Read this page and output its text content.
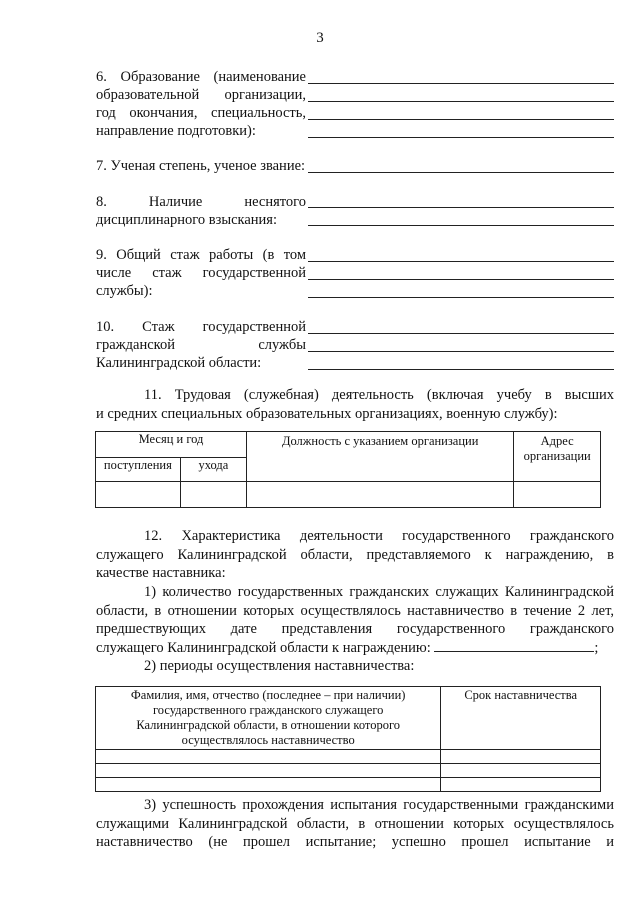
3
6. Образование (наименование
образовательной организации,
год окончания, специальность,
направление подготовки):
7. Ученая степень, ученое звание:
8. Наличие неснятого
дисциплинарного взыскания:
9. Общий стаж работы (в том
числе стаж государственной
службы):
10. Стаж государственной
гражданской службы
Калининградской области:
11. Трудовая (служебная) деятельность (включая учебу в высших
и средних специальных образовательных организациях, военную службу):
Месяц и год		Должность с указанием организации	Адрес организации
поступления	ухода		

12. Характеристика деятельности государственного гражданского
служащего Калининградской области, представляемого к награждению, в
качестве наставника:
1) количество государственных гражданских служащих Калининградской
области, в отношении которых осуществлялось наставничество в течение 2 лет,
предшествующих дате представления государственного гражданского
служащего Калининградской области к награждению:	;
2) периоды осуществления наставничества:
Фамилия, имя, отчество (последнее – при наличии) государственного гражданского служащего Калининградской области, в отношении которого осуществлялось наставничество	Срок наставничества

3) успешность прохождения испытания государственными гражданскими
служащими Калининградской области, в отношении которых осуществлялось
наставничество (не прошел испытание; успешно прошел испытание и
